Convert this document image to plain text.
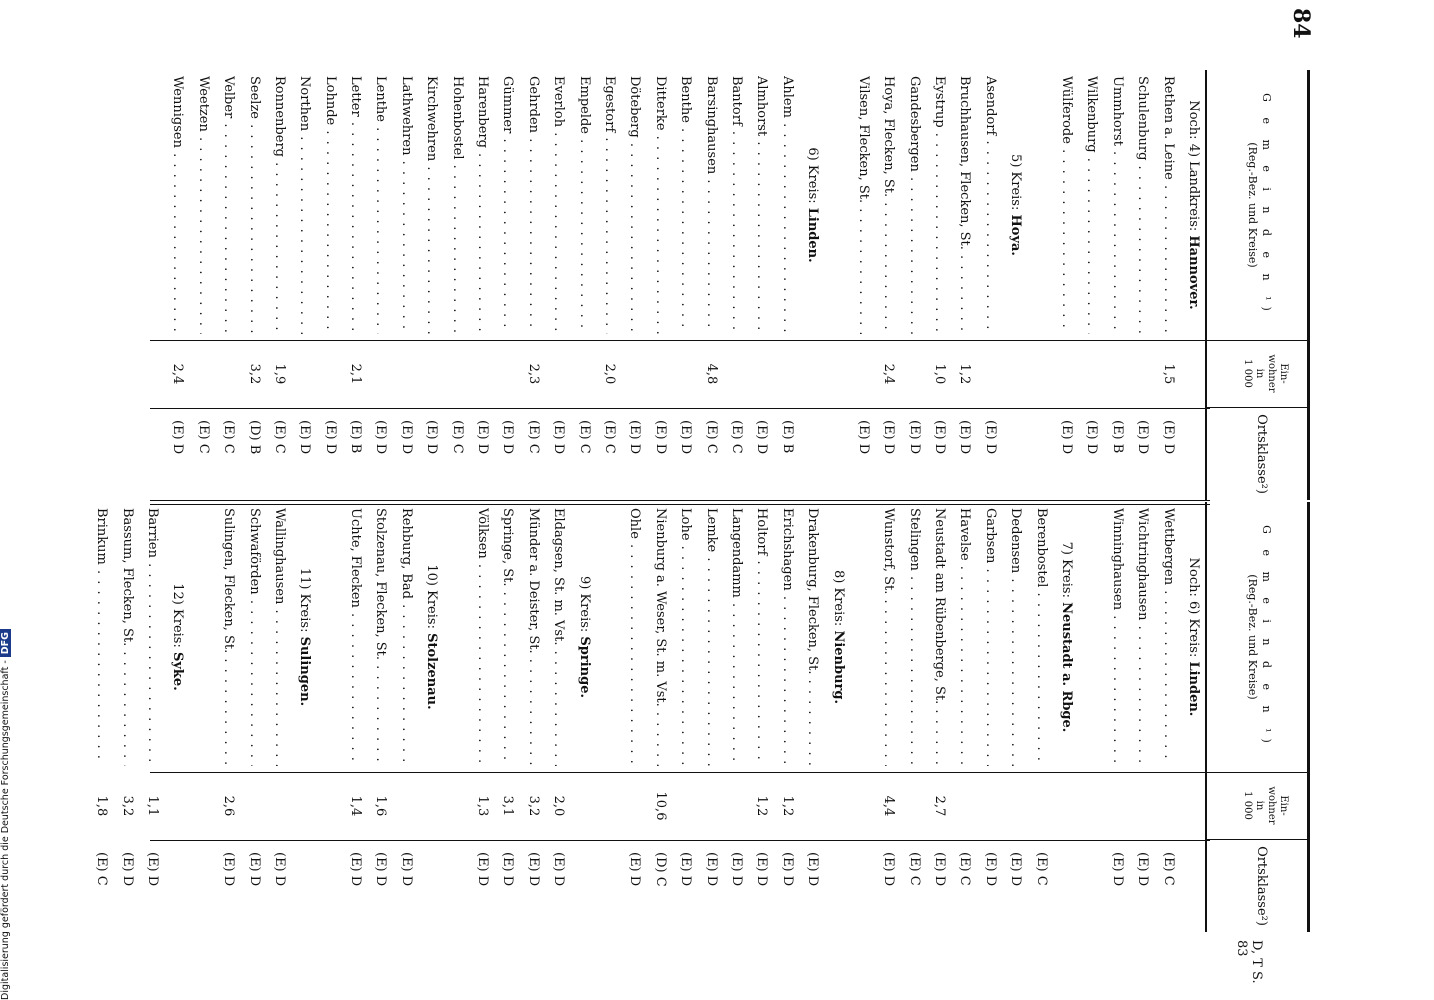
84
G e m e i n d e n ¹)
(Reg.-Bez. und Kreise)
Ein-
wohner
in
1 000
Ortsklasse²)
Noch: 4) Landkreis: Hannover.
Rethen a. Leine . . .
1,5
(E) D
Schulenburg . . .
(E) D
Ummhorst . . .
(E) B
Wilkenburg . . .
(E) D
Wülferode . . .
(E) D
5) Kreis: Hoya.
Asendorf . . .
(E) D
Bruchhausen, Flecken, St. . . .
1,2
(E) D
Eystrup . . .
1,0
(E) D
Gandesbergen . . .
(E) D
Hoya, Flecken, St. . . .
2,4
(E) D
Vilsen, Flecken, St. . . .
(E) D
6) Kreis: Linden.
Ahlem . . .
(E) B
Almhorst . . .
(E) D
Bantorf . . .
(E) C
Barsinghausen . . .
4,8
(E) C
Benthe . . .
(E) D
Ditterke . . .
(E) D
Döteberg . . .
(E) D
Egestorf . . .
2,0
(E) C
Empelde . . .
(E) C
Everloh . . .
(E) D
Gehrden . . .
2,3
(E) C
Gümmer . . .
(E) D
Harenberg . . .
(E) D
Hohenbostel . . .
(E) C
Kirchwehren . . .
(E) D
Lathwehren . . .
(E) D
Lenthe . . .
(E) D
Letter . . .
2,1
(E) B
Lohnde . . .
(E) D
Northen . . .
(E) D
Ronnenberg . . .
1,9
(E) C
Seelze . . .
3,2
(D) B
Velber . . .
(E) C
Weetzen . . .
(E) C
Wennigsen . . .
2,4
(E) D
G e m e i n d e n ¹)
(Reg.-Bez. und Kreise)
Ein-
wohner
in
1 000
Ortsklasse²)
Noch: 6) Kreis: Linden.
Wettbergen . . .
(E) C
Wichtringhausen . . .
(E) D
Winninghausen . . .
(E) D
7) Kreis: Neustadt a. Rbge.
Berenbostel . . .
(E) C
Dedensen . . .
(E) D
Garbsen . . .
(E) D
Havelse . . .
(E) C
Neustadt am Rübenberge, St. . . .
2,7
(E) D
Stelingen . . .
(E) C
Wunstorf, St. . . .
4,4
(E) D
8) Kreis: Nienburg.
Drakenburg, Flecken, St. . . .
(E) D
Erichshagen . . .
1,2
(E) D
Holtorf . . .
1,2
(E) D
Langendamm . . .
(E) D
Lemke . . .
(E) D
Lohe . . .
(E) D
Nienburg a. Weser, St. m. Vst. . . .
10,6
(D) C
Ohle . . .
(E) D
9) Kreis: Springe.
Eldagsen, St. m. Vst. . . .
2,0
(E) D
Münder a. Deister, St. . . .
3,2
(E) D
Springe, St. . . .
3,1
(E) D
Völksen . . .
1,3
(E) D
10) Kreis: Stolzenau.
Rehburg, Bad . . .
(E) D
Stolzenau, Flecken, St. . . .
1,6
(E) D
Uchte, Flecken . . .
1,4
(E) D
11) Kreis: Sulingen.
Wallinghausen . . .
(E) D
Schwaförden . . .
(E) D
Sulingen, Flecken, St. . . .
2,6
(E) D
12) Kreis: Syke.
Barrien . . .
1,1
(E) D
Bassum, Flecken, St. . . .
3,2
(E) D
Brinkum . . .
1,8
(E) C
D, T S. 83
Digitalisierung gefördert durch die Deutsche Forschungsgemeinschaft -DFG
